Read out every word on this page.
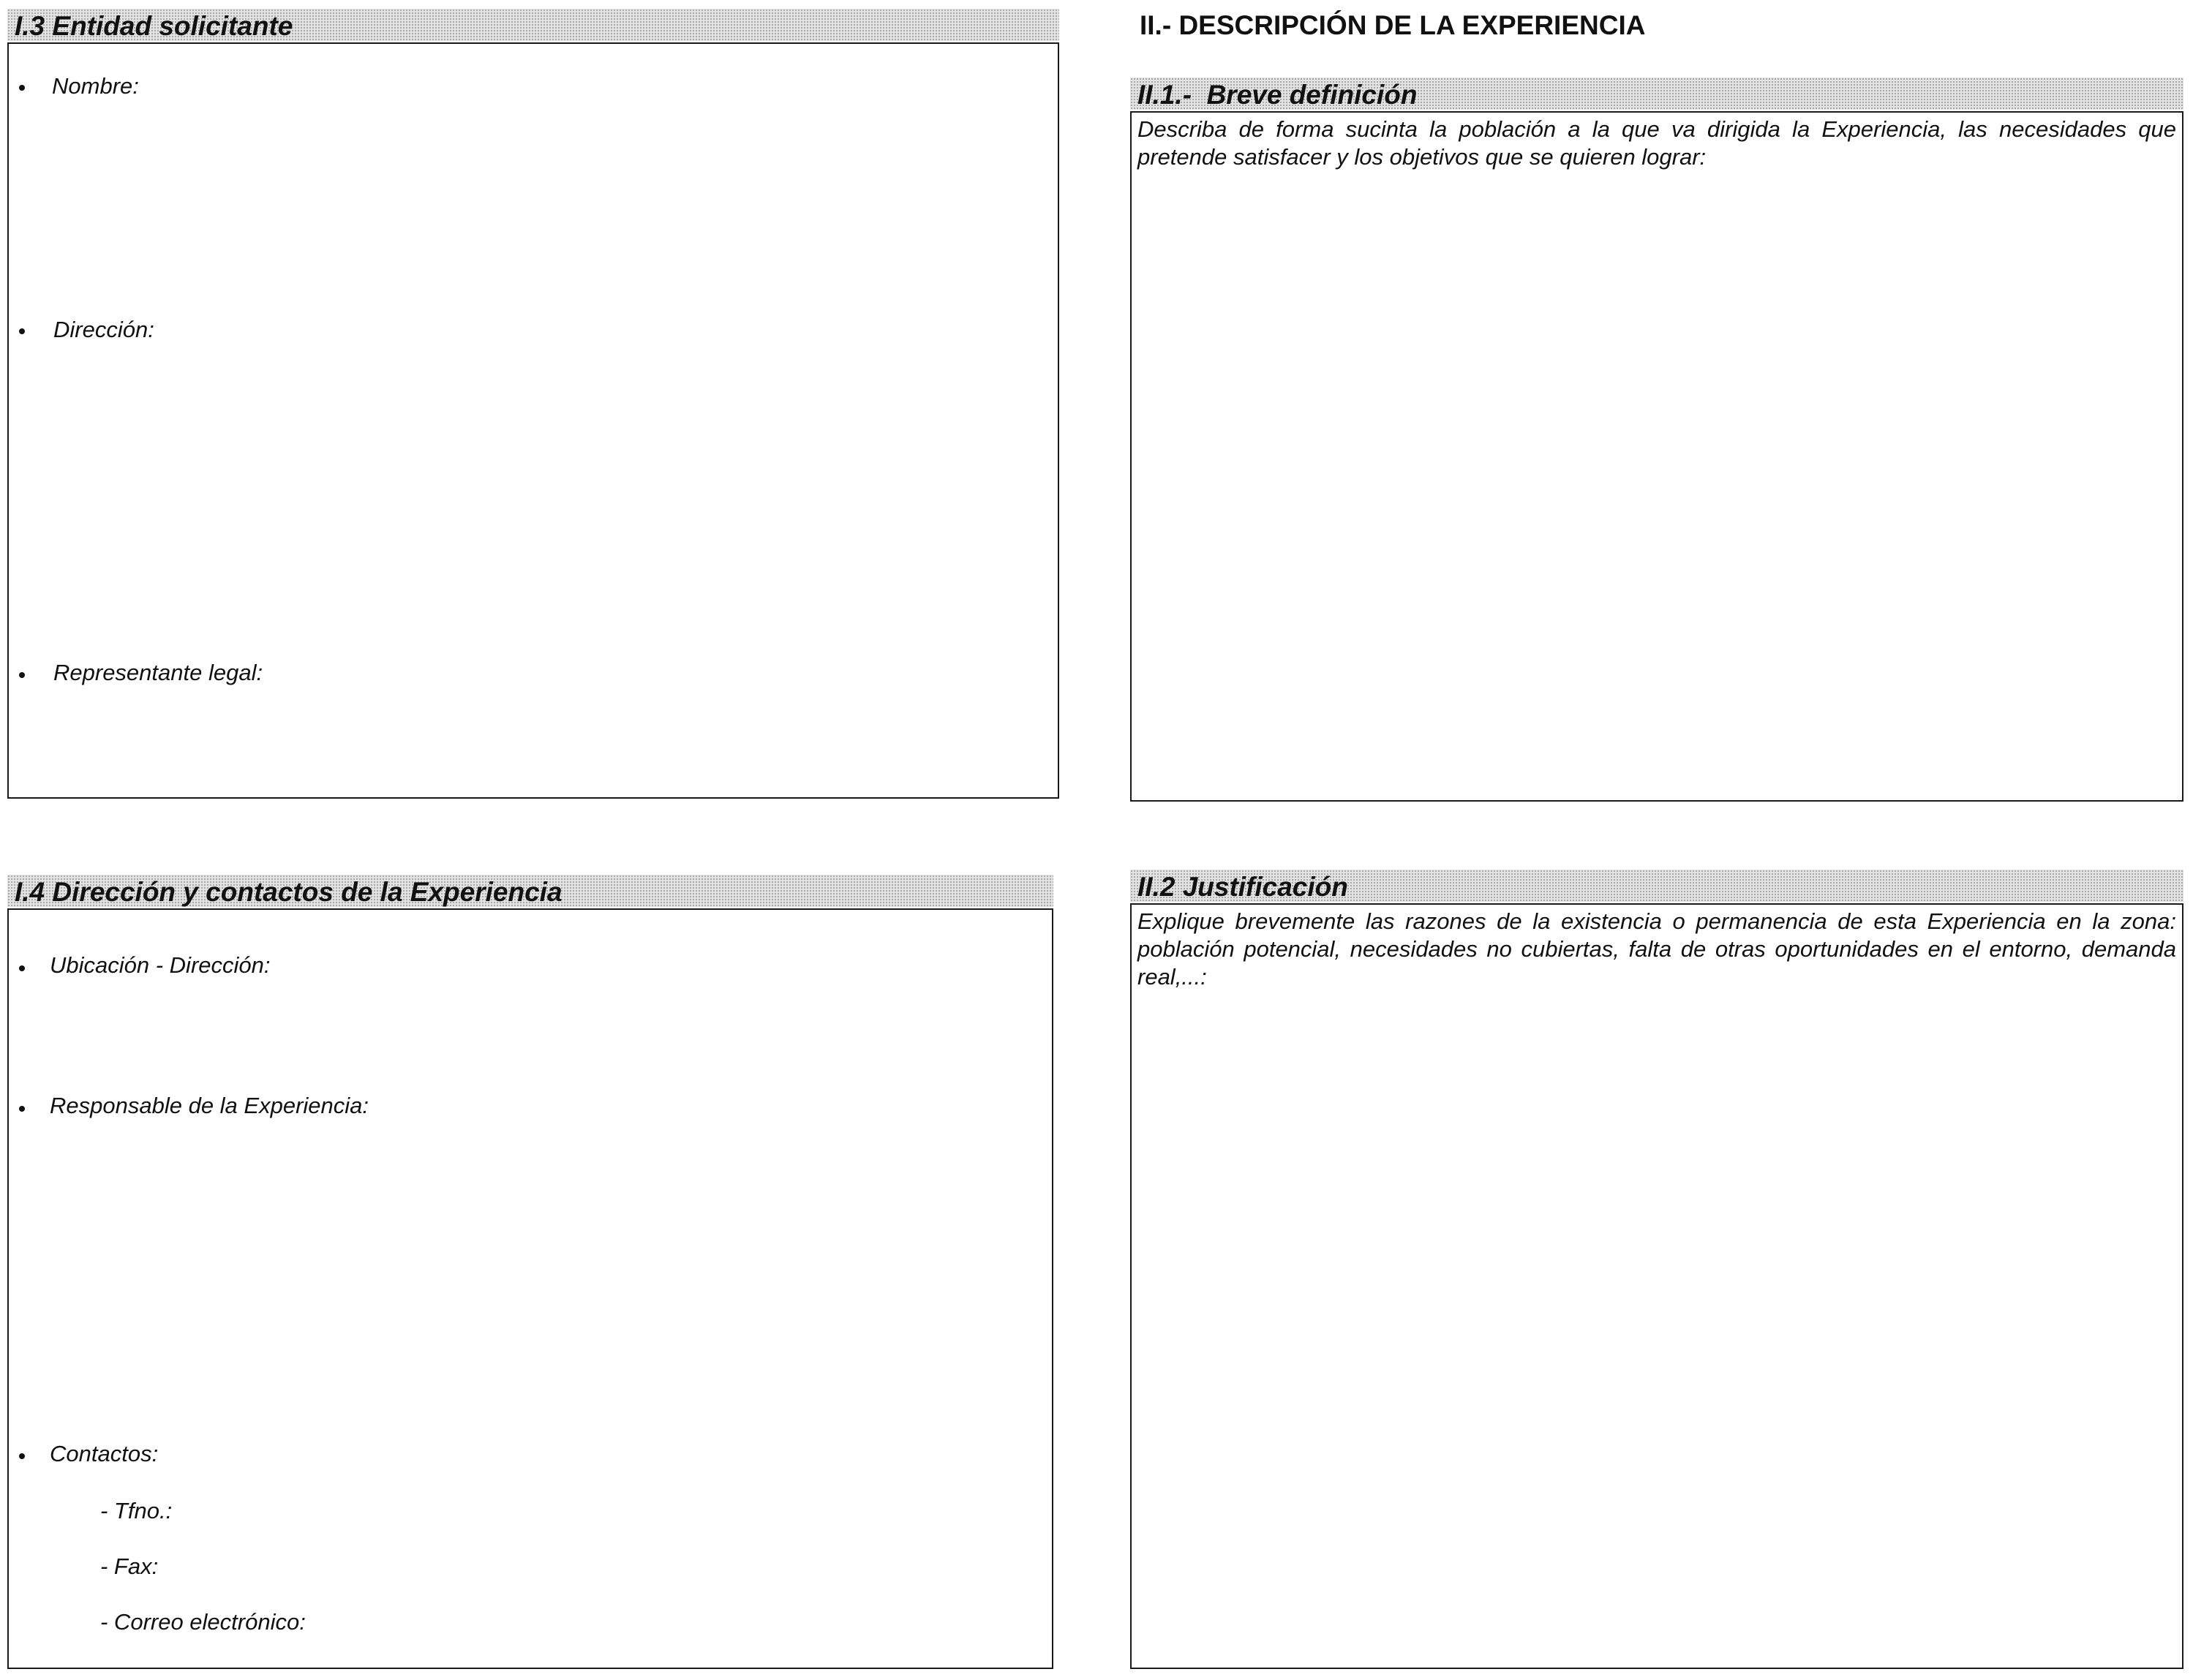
I.3 Entidad solicitante
Nombre:
Dirección:
Representante legal:
I.4 Dirección y contactos de la Experiencia
Ubicación - Dirección:
Responsable de la Experiencia:
Contactos:
- Tfno.:
- Fax:
- Correo electrónico:
II.- DESCRIPCIÓN DE LA EXPERIENCIA
II.1.-  Breve definición
Describa de forma sucinta la población a la que va dirigida la Experiencia, las necesidades que pretende satisfacer y los objetivos que se quieren lograr:
II.2 Justificación
Explique brevemente las razones de la existencia o permanencia de esta Experiencia en la zona: población potencial, necesidades no cubiertas, falta de otras oportunidades en el entorno, demanda real,...:
